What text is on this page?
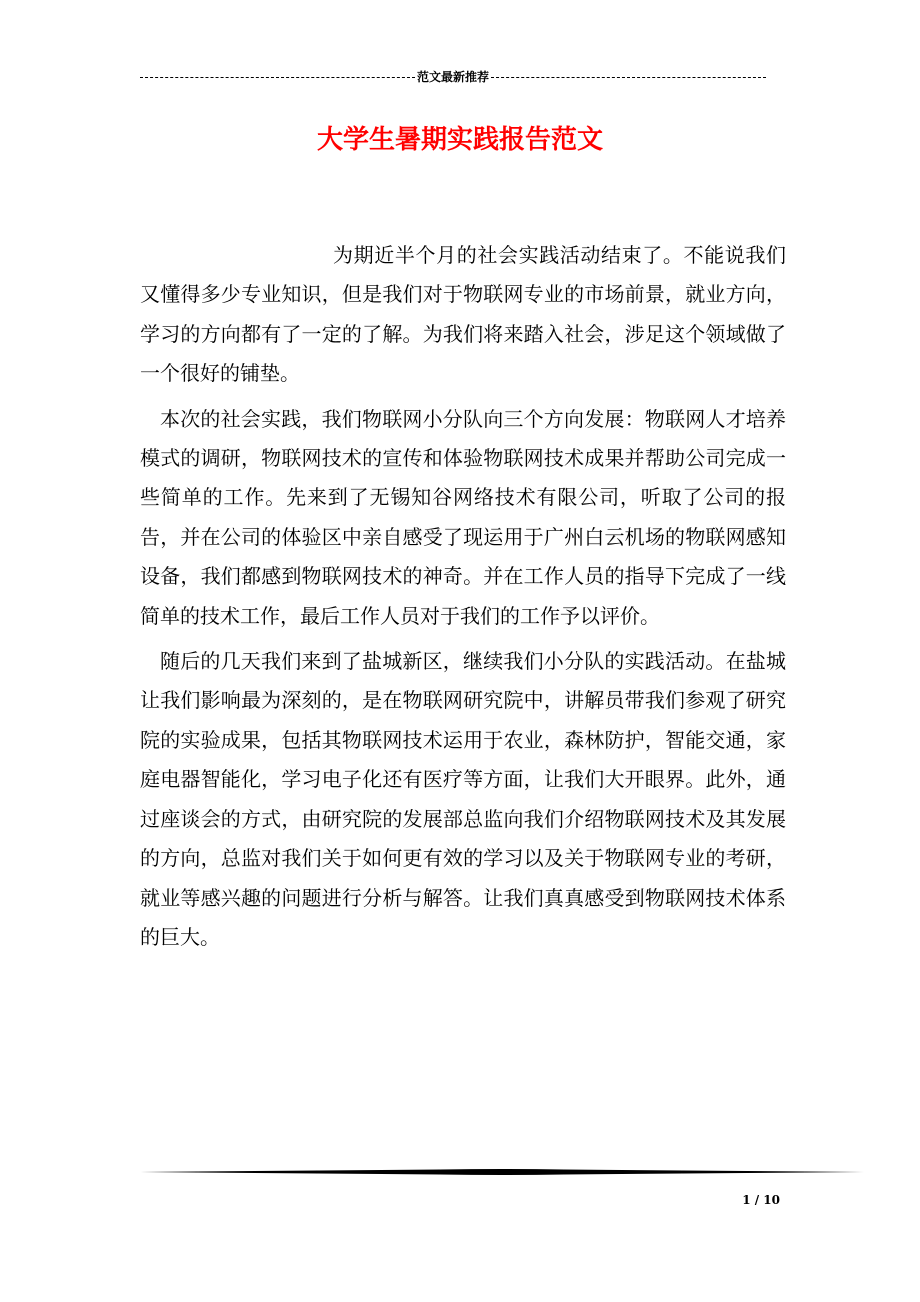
范文最新推荐
大学生暑期实践报告范文

为期近半个月的社会实践活动结束了。不能说我们又懂得多少专业知识，但是我们对于物联网专业的市场前景，就业方向，学习的方向都有了一定的了解。为我们将来踏入社会，涉足这个领域做了一个很好的铺垫。

本次的社会实践，我们物联网小分队向三个方向发展：物联网人才培养模式的调研，物联网技术的宣传和体验物联网技术成果并帮助公司完成一些简单的工作。先来到了无锡知谷网络技术有限公司，听取了公司的报告，并在公司的体验区中亲自感受了现运用于广州白云机场的物联网感知设备，我们都感到物联网技术的神奇。并在工作人员的指导下完成了一线简单的技术工作，最后工作人员对于我们的工作予以评价。

随后的几天我们来到了盐城新区，继续我们小分队的实践活动。在盐城让我们影响最为深刻的，是在物联网研究院中，讲解员带我们参观了研究院的实验成果，包括其物联网技术运用于农业，森林防护，智能交通，家庭电器智能化，学习电子化还有医疗等方面，让我们大开眼界。此外，通过座谈会的方式，由研究院的发展部总监向我们介绍物联网技术及其发展的方向，总监对我们关于如何更有效的学习以及关于物联网专业的考研，就业等感兴趣的问题进行分析与解答。让我们真真感受到物联网技术体系的巨大。

1 / 10
